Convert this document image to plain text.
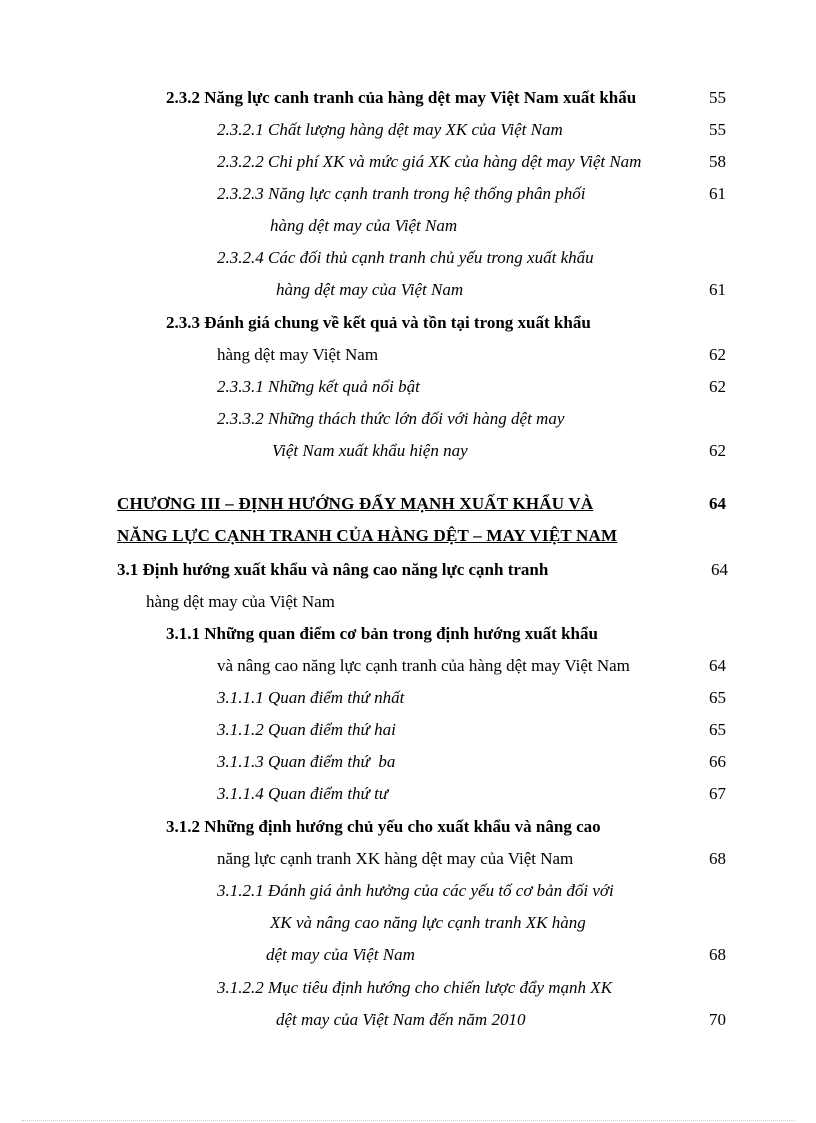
2.3.2 Năng lực canh tranh của hàng dệt may Việt Nam xuất khẩu	55
2.3.2.1 Chất lượng hàng dệt may XK của Việt Nam	55
2.3.2.2 Chi phí XK và mức giá XK của hàng dệt may Việt Nam	58
2.3.2.3 Năng lực cạnh tranh trong hệ thống phân phối	61
hàng dệt may của Việt Nam
2.3.2.4 Các đối thủ cạnh tranh chủ yếu trong xuất khẩu
hàng dệt may của Việt Nam	61
2.3.3 Đánh giá chung về kết quả và tồn tại trong xuất khẩu
hàng dệt may Việt Nam	62
2.3.3.1 Những kết quả nổi bật	62
2.3.3.2 Những thách thức lớn đối với hàng dệt may
Việt Nam xuất khẩu hiện nay	62
CHƯƠNG III – ĐỊNH HƯỚNG ĐẨY MẠNH XUẤT KHẨU VÀ	64
NĂNG LỰC CẠNH TRANH CỦA HÀNG DỆT – MAY VIỆT NAM
3.1 Định hướng xuất khẩu và nâng cao năng lực cạnh tranh	64
hàng dệt may của Việt Nam
3.1.1 Những quan điểm cơ bản trong định hướng xuất khẩu
và nâng cao năng lực cạnh tranh của hàng dệt may Việt Nam	64
3.1.1.1 Quan điểm thứ nhất	65
3.1.1.2 Quan điểm thứ hai	65
3.1.1.3 Quan điểm thứ  ba	66
3.1.1.4 Quan điểm thứ tư	67
3.1.2 Những định hướng chủ yếu cho xuất khẩu và nâng cao
năng lực cạnh tranh XK hàng dệt may của Việt Nam	68
3.1.2.1 Đánh giá ảnh hưởng của các yếu tố cơ bản đối với
XK và nâng cao năng lực cạnh tranh XK hàng
dệt may của Việt Nam	68
3.1.2.2 Mục tiêu định hướng cho chiến lược đẩy mạnh XK
dệt may của Việt Nam đến năm 2010	70
